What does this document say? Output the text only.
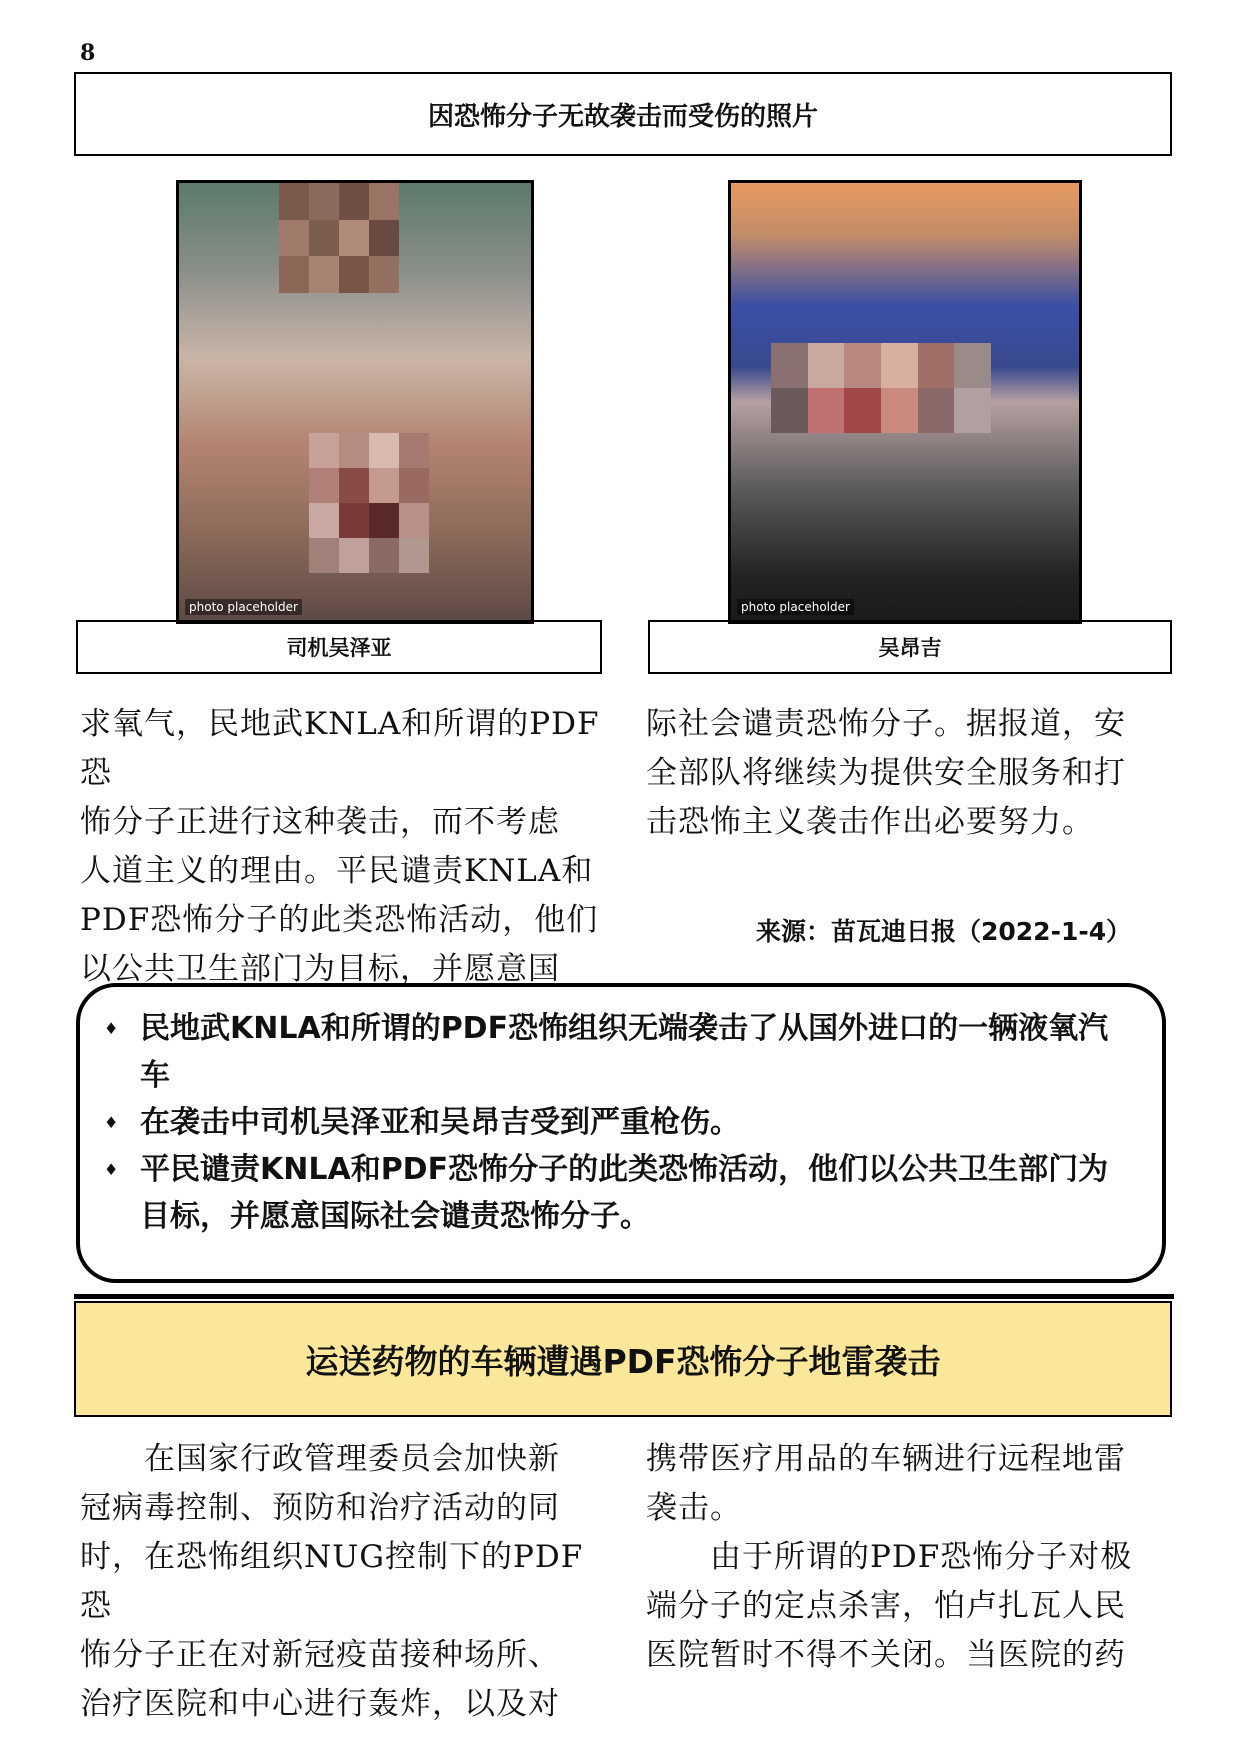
8
因恐怖分子无故袭击而受伤的照片
photo placeholder	photo placeholder
司机吴泽亚	吴昂吉

求氧气，民地武KNLA和所谓的PDF恐

怖分子正进行这种袭击，而不考虑

人道主义的理由。平民谴责KNLA和

PDF恐怖分子的此类恐怖活动，他们

以公共卫生部门为目标，并愿意国

际社会谴责恐怖分子。据报道，安

全部队将继续为提供安全服务和打

击恐怖主义袭击作出必要努力。

来源：苗瓦迪日报（2022-1-4）
♦ 民地武KNLA和所谓的PDF恐怖组织无端袭击了从国外进口的一辆液氧汽车
♦ 在袭击中司机吴泽亚和吴昂吉受到严重枪伤。
♦ 平民谴责KNLA和PDF恐怖分子的此类恐怖活动，他们以公共卫生部门为目标，并愿意国际社会谴责恐怖分子。
运送药物的车辆遭遇PDF恐怖分子地雷袭击

在国家行政管理委员会加快新

冠病毒控制、预防和治疗活动的同

时，在恐怖组织NUG控制下的PDF恐

怖分子正在对新冠疫苗接种场所、

治疗医院和中心进行轰炸，以及对

携带医疗用品的车辆进行远程地雷

袭击。

由于所谓的PDF恐怖分子对极

端分子的定点杀害，怕卢扎瓦人民

医院暂时不得不关闭。当医院的药
